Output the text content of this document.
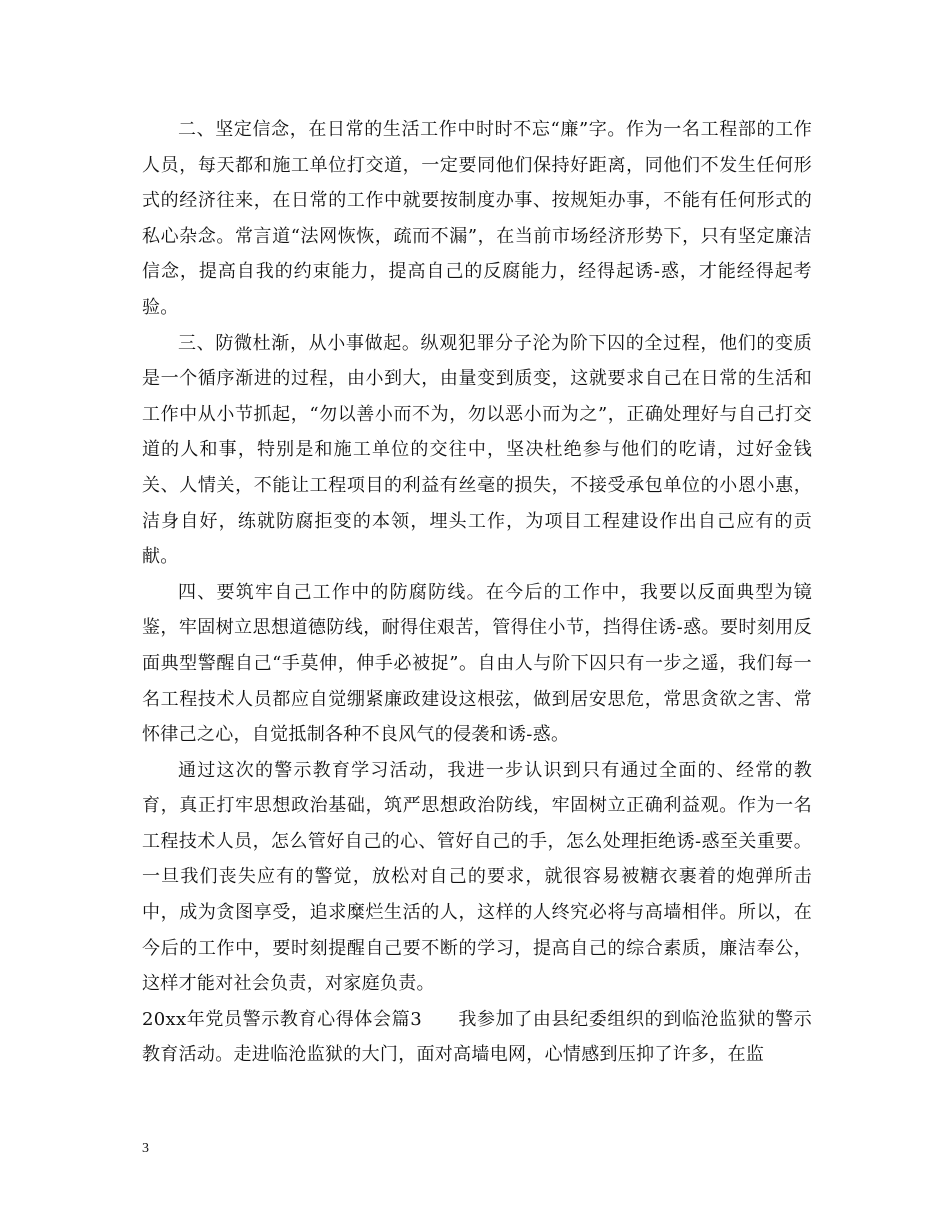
二、坚定信念，在日常的生活工作中时时不忘“廉”字。作为一名工程部的工作人员，每天都和施工单位打交道，一定要同他们保持好距离，同他们不发生任何形式的经济往来，在日常的工作中就要按制度办事、按规矩办事，不能有任何形式的私心杂念。常言道“法网恢恢，疏而不漏”，在当前市场经济形势下，只有坚定廉洁信念，提高自我的约束能力，提高自己的反腐能力，经得起诱-惑，才能经得起考验。

三、防微杜渐，从小事做起。纵观犯罪分子沦为阶下囚的全过程，他们的变质是一个循序渐进的过程，由小到大，由量变到质变，这就要求自己在日常的生活和工作中从小节抓起，“勿以善小而不为，勿以恶小而为之”，正确处理好与自己打交道的人和事，特别是和施工单位的交往中，坚决杜绝参与他们的吃请，过好金钱关、人情关，不能让工程项目的利益有丝毫的损失，不接受承包单位的小恩小惠，洁身自好，练就防腐拒变的本领，埋头工作，为项目工程建设作出自己应有的贡献。

四、要筑牢自己工作中的防腐防线。在今后的工作中，我要以反面典型为镜鉴，牢固树立思想道德防线，耐得住艰苦，管得住小节，挡得住诱-惑。要时刻用反面典型警醒自己“手莫伸，伸手必被捉”。自由人与阶下囚只有一步之遥，我们每一名工程技术人员都应自觉绷紧廉政建设这根弦，做到居安思危，常思贪欲之害、常怀律己之心，自觉抵制各种不良风气的侵袭和诱-惑。

通过这次的警示教育学习活动，我进一步认识到只有通过全面的、经常的教育，真正打牢思想政治基础，筑严思想政治防线，牢固树立正确利益观。作为一名工程技术人员，怎么管好自己的心、管好自己的手，怎么处理拒绝诱-惑至关重要。一旦我们丧失应有的警觉，放松对自己的要求，就很容易被糖衣裹着的炮弹所击中，成为贪图享受，追求糜烂生活的人，这样的人终究必将与高墙相伴。所以，在今后的工作中，要时刻提醒自己要不断的学习，提高自己的综合素质，廉洁奉公，这样才能对社会负责，对家庭负责。

20xx年党员警示教育心得体会篇3 我参加了由县纪委组织的到临沧监狱的警示教育活动。走进临沧监狱的大门，面对高墙电网，心情感到压抑了许多，在监

3
